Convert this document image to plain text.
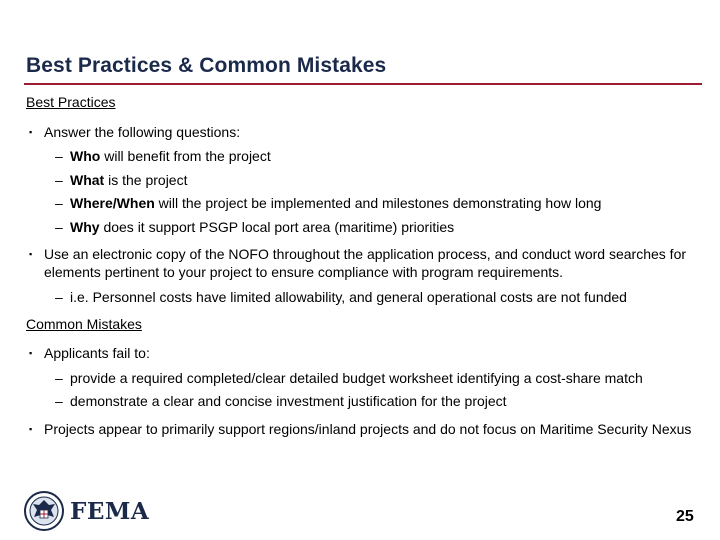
Best Practices & Common Mistakes
Best Practices
▪ Answer the following questions:
– Who will benefit from the project
– What is the project
– Where/When will the project be implemented and milestones demonstrating how long
– Why does it support PSGP local port area (maritime) priorities
▪ Use an electronic copy of the NOFO throughout the application process, and conduct word searches for elements pertinent to your project to ensure compliance with program requirements.
– i.e. Personnel costs have limited allowability, and general operational costs are not funded
Common Mistakes
▪ Applicants fail to:
– provide a required completed/clear detailed budget worksheet identifying a cost-share match
– demonstrate a clear and concise investment justification for the project
▪ Projects appear to primarily support regions/inland projects and do not focus on Maritime Security Nexus
FEMA	25
